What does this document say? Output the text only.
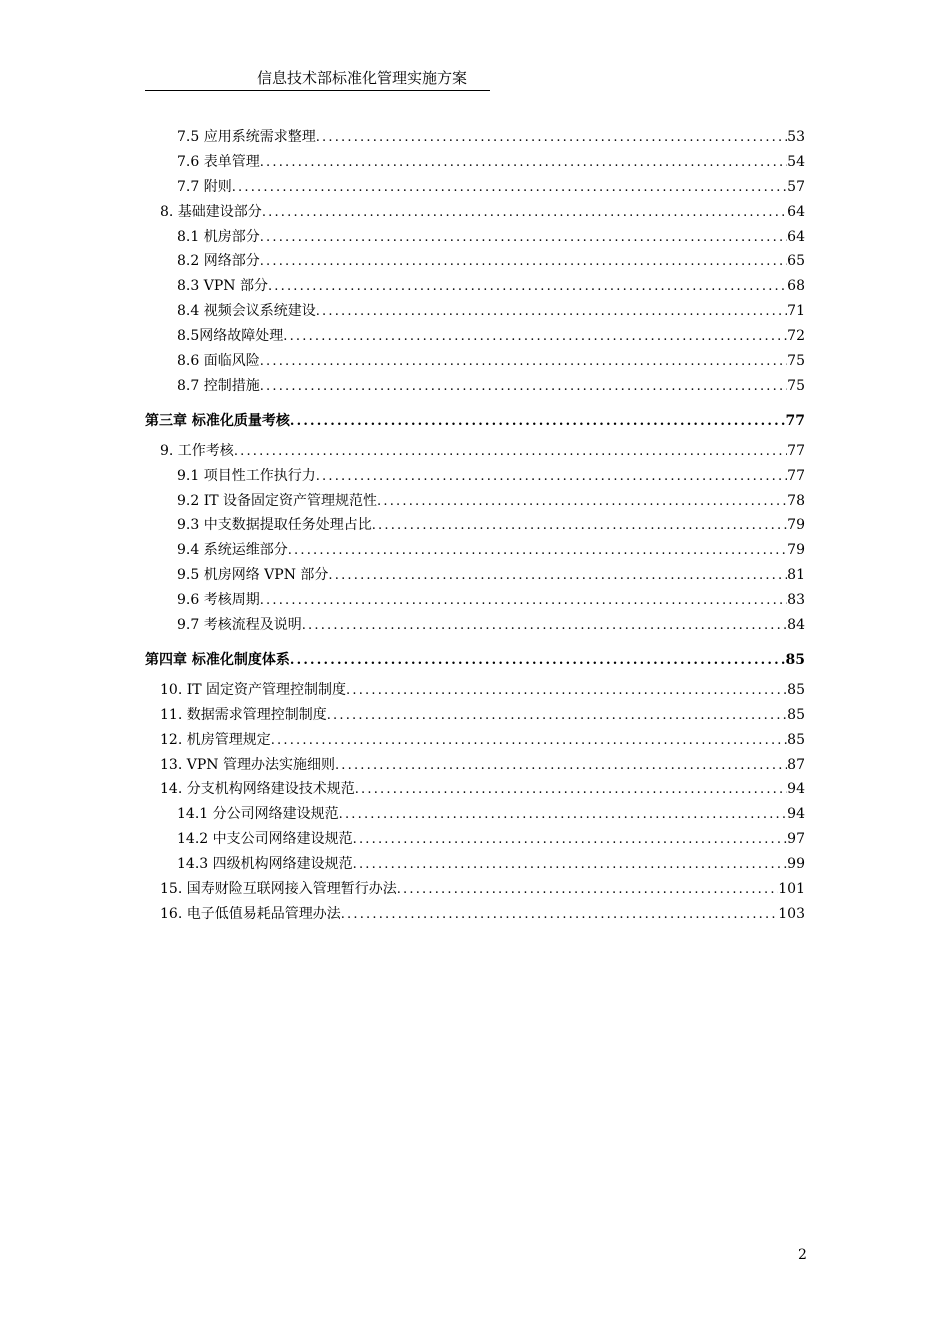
信息技术部标准化管理实施方案
7.5 应用系统需求整理 .....	53
7.6 表单管理 .....	54
7.7 附则 .....	57
8. 基础建设部分 .....	64
8.1 机房部分 .....	64
8.2 网络部分 .....	65
8.3 VPN 部分 .....	68
8.4 视频会议系统建设 .....	71
8.5网络故障处理 .....	72
8.6 面临风险 .....	75
8.7 控制措施 .....	75
第三章 标准化质量考核 .....	77
9. 工作考核 .....	77
9.1 项目性工作执行力 .....	77
9.2 IT 设备固定资产管理规范性 .....	78
9.3 中支数据提取任务处理占比 .....	79
9.4 系统运维部分 .....	79
9.5 机房网络 VPN 部分 .....	81
9.6 考核周期 .....	83
9.7 考核流程及说明 .....	84
第四章 标准化制度体系 .....	85
10. IT 固定资产管理控制制度 .....	85
11. 数据需求管理控制制度 .....	85
12. 机房管理规定 .....	85
13. VPN 管理办法实施细则 .....	87
14. 分支机构网络建设技术规范 .....	94
14.1 分公司网络建设规范 .....	94
14.2 中支公司网络建设规范 .....	97
14.3 四级机构网络建设规范 .....	99
15. 国寿财险互联网接入管理暂行办法 .....	101
16. 电子低值易耗品管理办法 .....	103
2
